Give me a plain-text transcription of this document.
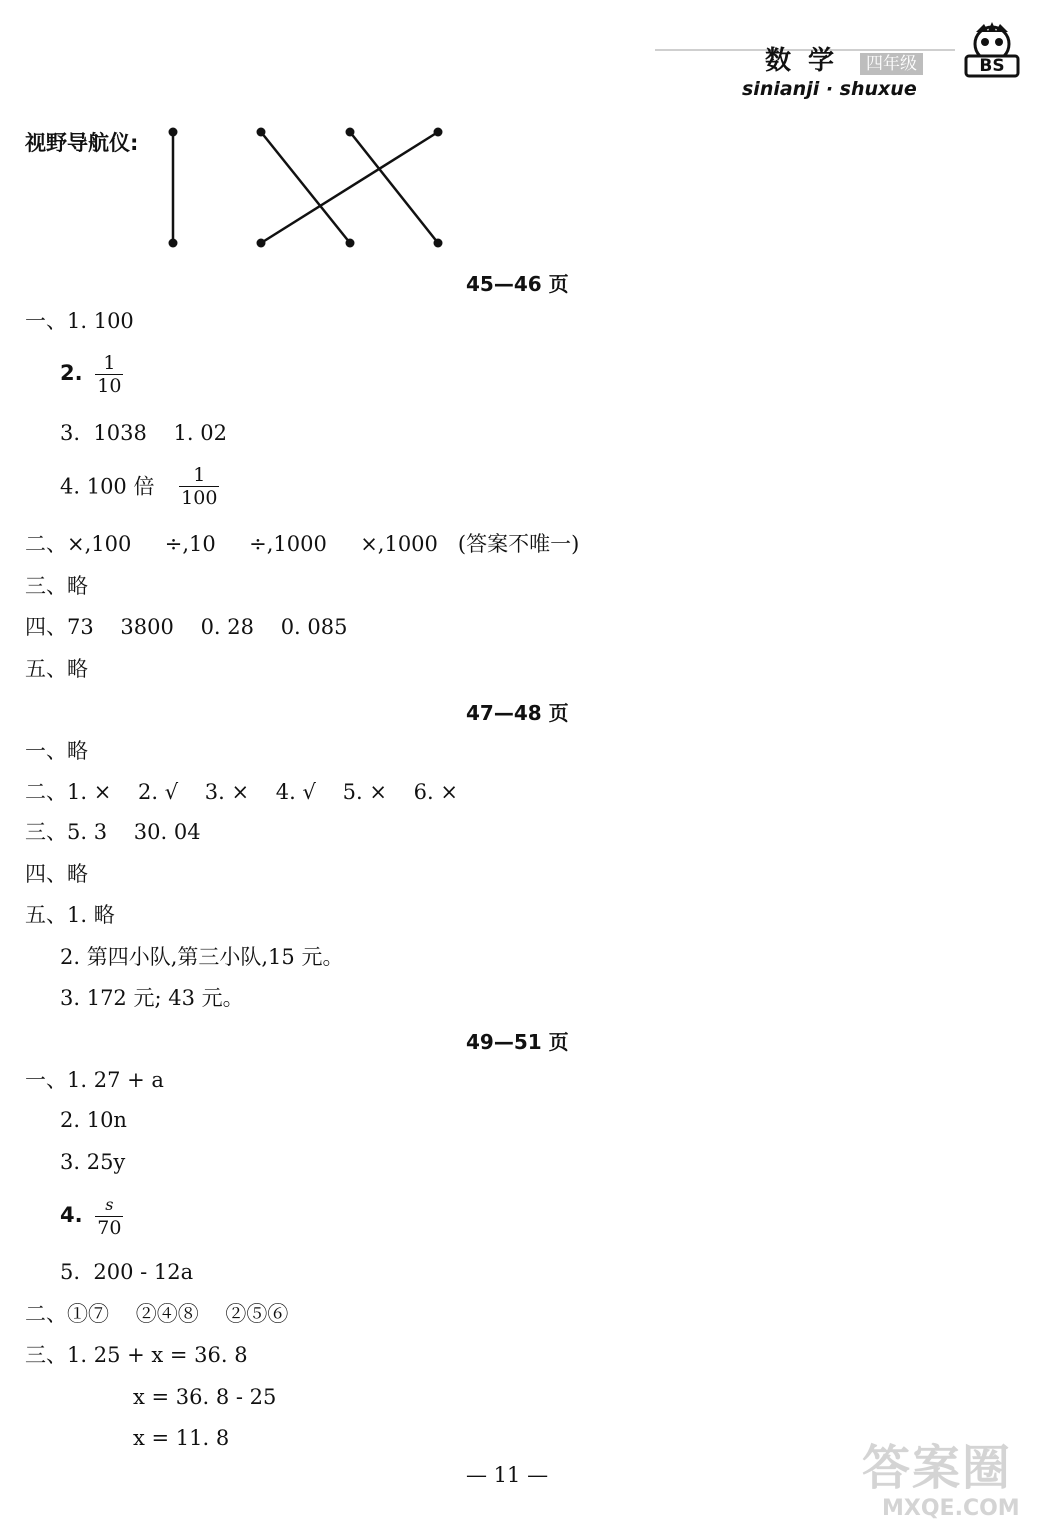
数 学	四年级
sinianji · shuxue
BS
视野导航仪:
45—46 页
一、1. 100
2. $\frac{1}{10}$
3.  1038    1. 02
4. 100 倍 $\frac{1}{100}$
二、×,100     ÷,10     ÷,1000     ×,1000   (答案不唯一)
三、略
四、73    3800    0. 28    0. 085
五、略
47—48 页
一、略
二、1. ×    2. √    3. ×    4. √    5. ×    6. ×
三、5. 3    30. 04
四、略
五、1. 略
2. 第四小队,第三小队,15 元。
3. 172 元; 43 元。
49—51 页
一、1. 27 + a
2. 10n
3. 25y
4. $\frac{s}{70}$
5.  200 - 12a
二、①⑦    ②④⑧    ②⑤⑥
三、1. 25 + x = 36. 8
x = 36. 8 - 25
x = 11. 8
— 11 —	答案圈
MXQE.COM
